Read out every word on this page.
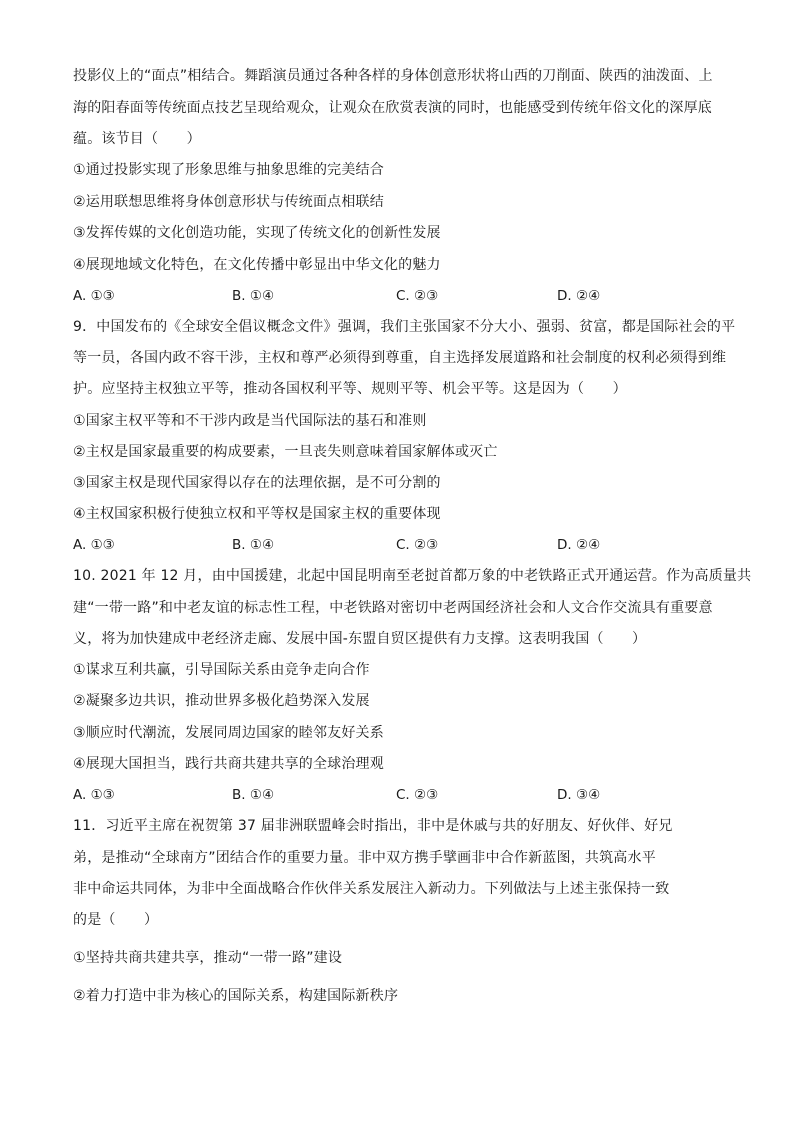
投影仪上的“面点”相结合。舞蹈演员通过各种各样的身体创意形状将山西的刀削面、陕西的油泼面、上
海的阳春面等传统面点技艺呈现给观众，让观众在欣赏表演的同时，也能感受到传统年俗文化的深厚底
蕴。该节目（　　）
①通过投影实现了形象思维与抽象思维的完美结合
②运用联想思维将身体创意形状与传统面点相联结
③发挥传媒的文化创造功能，实现了传统文化的创新性发展
④展现地域文化特色，在文化传播中彰显出中华文化的魅力
A. ①③	B. ①④	C. ②③	D. ②④
9．中国发布的《全球安全倡议概念文件》强调，我们主张国家不分大小、强弱、贫富，都是国际社会的平
等一员，各国内政不容干涉，主权和尊严必须得到尊重，自主选择发展道路和社会制度的权利必须得到维
护。应坚持主权独立平等，推动各国权利平等、规则平等、机会平等。这是因为（　　）
①国家主权平等和不干涉内政是当代国际法的基石和准则
②主权是国家最重要的构成要素，一旦丧失则意味着国家解体或灭亡
③国家主权是现代国家得以存在的法理依据，是不可分割的
④主权国家积极行使独立权和平等权是国家主权的重要体现
A. ①③	B. ①④	C. ②③	D. ②④
10. 2021 年 12 月，由中国援建，北起中国昆明南至老挝首都万象的中老铁路正式开通运营。作为高质量共
建“一带一路”和中老友谊的标志性工程，中老铁路对密切中老两国经济社会和人文合作交流具有重要意
义，将为加快建成中老经济走廊、发展中国-东盟自贸区提供有力支撑。这表明我国（　　）
①谋求互利共赢，引导国际关系由竞争走向合作
②凝聚多边共识，推动世界多极化趋势深入发展
③顺应时代潮流，发展同周边国家的睦邻友好关系
④展现大国担当，践行共商共建共享的全球治理观
A. ①③	B. ①④	C. ②③	D. ③④
11．习近平主席在祝贺第 37 届非洲联盟峰会时指出，非中是休戚与共的好朋友、好伙伴、好兄
弟，是推动“全球南方”团结合作的重要力量。非中双方携手擘画非中合作新蓝图，共筑高水平
非中命运共同体，为非中全面战略合作伙伴关系发展注入新动力。下列做法与上述主张保持一致
的是（　　）
①坚持共商共建共享，推动“一带一路”建设
②着力打造中非为核心的国际关系，构建国际新秩序
